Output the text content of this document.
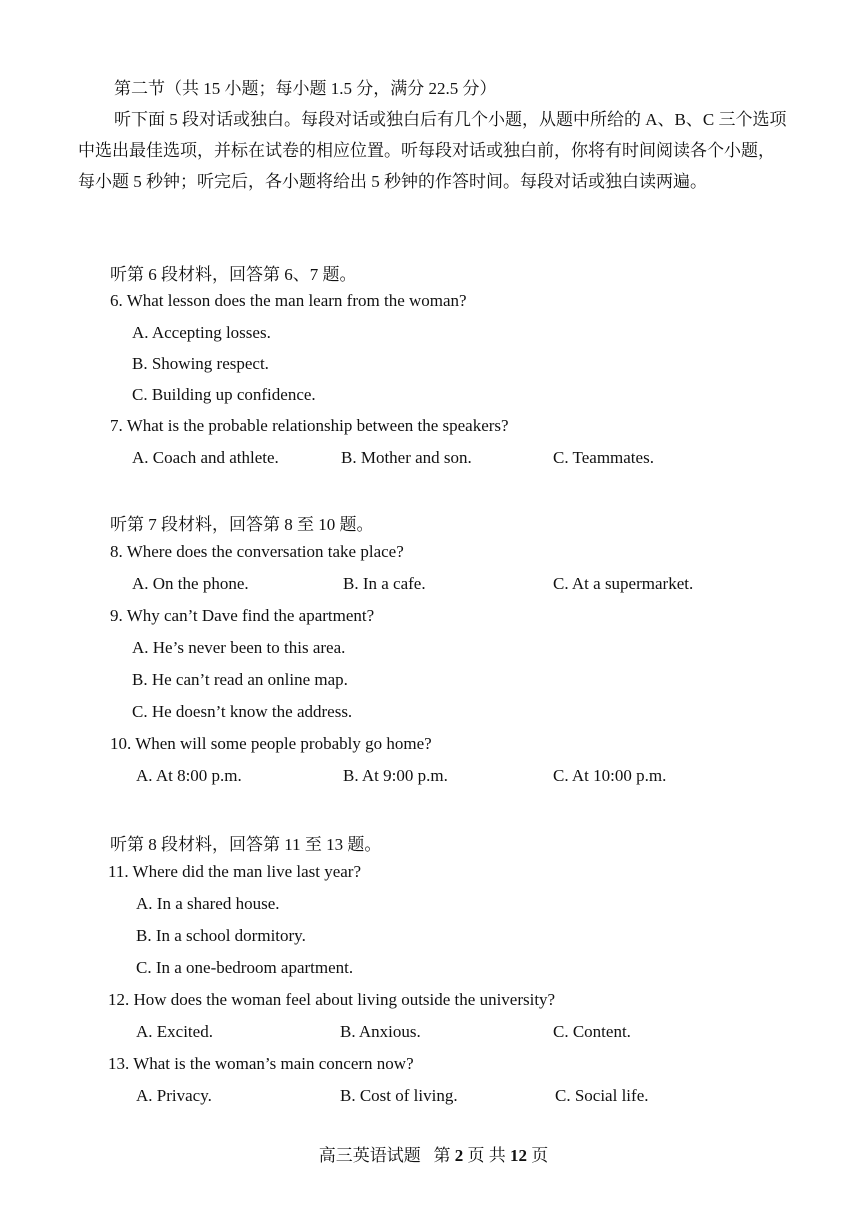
第二节（共 15 小题；每小题 1.5 分，满分 22.5 分）
听下面 5 段对话或独白。每段对话或独白后有几个小题，从题中所给的 A、B、C 三个选项中选出最佳选项，并标在试卷的相应位置。听每段对话或独白前，你将有时间阅读各个小题，每小题 5 秒钟；听完后，各小题将给出 5 秒钟的作答时间。每段对话或独白读两遍。
听第 6 段材料，回答第 6、7 题。
6. What lesson does the man learn from the woman?
A. Accepting losses.
B. Showing respect.
C. Building up confidence.
7. What is the probable relationship between the speakers?
A. Coach and athlete.	B. Mother and son.	C. Teammates.
听第 7 段材料，回答第 8 至 10 题。
8. Where does the conversation take place?
A. On the phone.	B. In a cafe.	C. At a supermarket.
9. Why can’t Dave find the apartment?
A. He’s never been to this area.
B. He can’t read an online map.
C. He doesn’t know the address.
10. When will some people probably go home?
A. At 8:00 p.m.	B. At 9:00 p.m.	C. At 10:00 p.m.
听第 8 段材料，回答第 11 至 13 题。
11. Where did the man live last year?
A. In a shared house.
B. In a school dormitory.
C. In a one-bedroom apartment.
12. How does the woman feel about living outside the university?
A. Excited.	B. Anxious.	C. Content.
13. What is the woman’s main concern now?
A. Privacy.	B. Cost of living.	C. Social life.
高三英语试题 第 2 页 共 12 页
